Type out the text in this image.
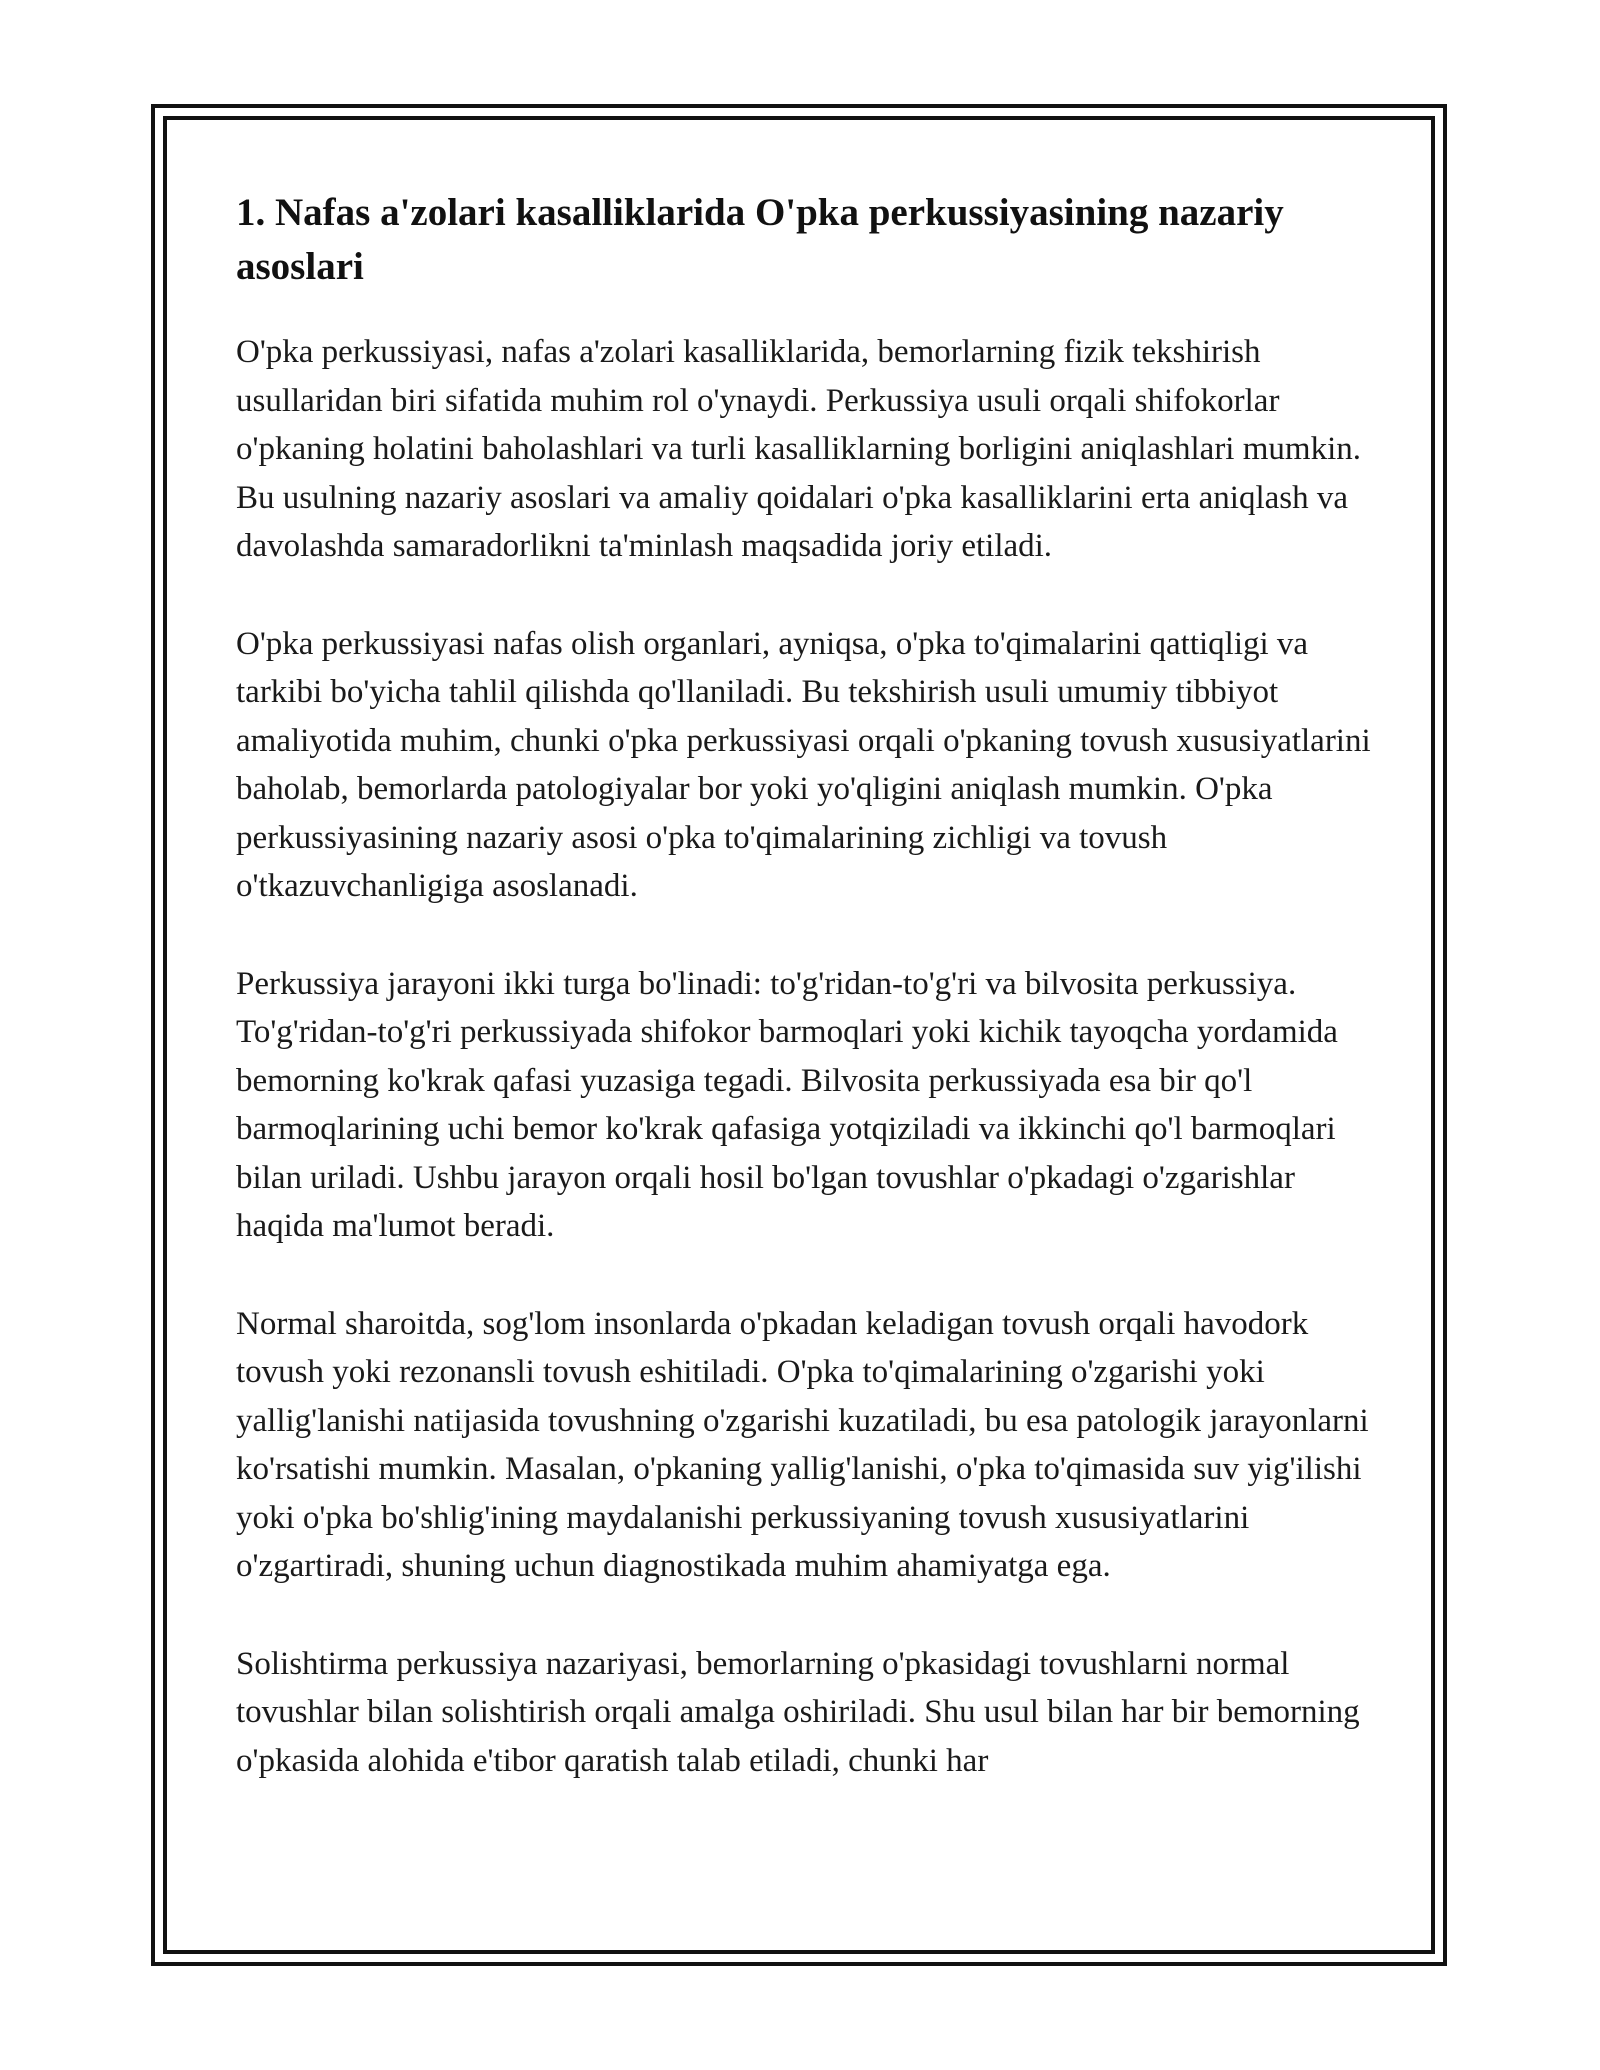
1. Nafas a'zolari kasalliklarida O'pka perkussiyasining nazariy asoslari

O'pka perkussiyasi, nafas a'zolari kasalliklarida, bemorlarning fizik tekshirish usullaridan biri sifatida muhim rol o'ynaydi. Perkussiya usuli orqali shifokorlar o'pkaning holatini baholashlari va turli kasalliklarning borligini aniqlashlari mumkin. Bu usulning nazariy asoslari va amaliy qoidalari o'pka kasalliklarini erta aniqlash va davolashda samaradorlikni ta'minlash maqsadida joriy etiladi.

O'pka perkussiyasi nafas olish organlari, ayniqsa, o'pka to'qimalarini qattiqligi va tarkibi bo'yicha tahlil qilishda qo'llaniladi. Bu tekshirish usuli umumiy tibbiyot amaliyotida muhim, chunki o'pka perkussiyasi orqali o'pkaning tovush xususiyatlarini baholab, bemorlarda patologiyalar bor yoki yo'qligini aniqlash mumkin. O'pka perkussiyasining nazariy asosi o'pka to'qimalarining zichligi va tovush o'tkazuvchanligiga asoslanadi.

Perkussiya jarayoni ikki turga bo'linadi: to'g'ridan-to'g'ri va bilvosita perkussiya. To'g'ridan-to'g'ri perkussiyada shifokor barmoqlari yoki kichik tayoqcha yordamida bemorning ko'krak qafasi yuzasiga tegadi. Bilvosita perkussiyada esa bir qo'l barmoqlarining uchi bemor ko'krak qafasiga yotqiziladi va ikkinchi qo'l barmoqlari bilan uriladi. Ushbu jarayon orqali hosil bo'lgan tovushlar o'pkadagi o'zgarishlar haqida ma'lumot beradi.

Normal sharoitda, sog'lom insonlarda o'pkadan keladigan tovush orqali havodork tovush yoki rezonansli tovush eshitiladi. O'pka to'qimalarining o'zgarishi yoki yallig'lanishi natijasida tovushning o'zgarishi kuzatiladi, bu esa patologik jarayonlarni ko'rsatishi mumkin. Masalan, o'pkaning yallig'lanishi, o'pka to'qimasida suv yig'ilishi yoki o'pka bo'shlig'ining maydalanishi perkussiyaning tovush xususiyatlarini o'zgartiradi, shuning uchun diagnostikada muhim ahamiyatga ega.

Solishtirma perkussiya nazariyasi, bemorlarning o'pkasidagi tovushlarni normal tovushlar bilan solishtirish orqali amalga oshiriladi. Shu usul bilan har bir bemorning o'pkasida alohida e'tibor qaratish talab etiladi, chunki har
